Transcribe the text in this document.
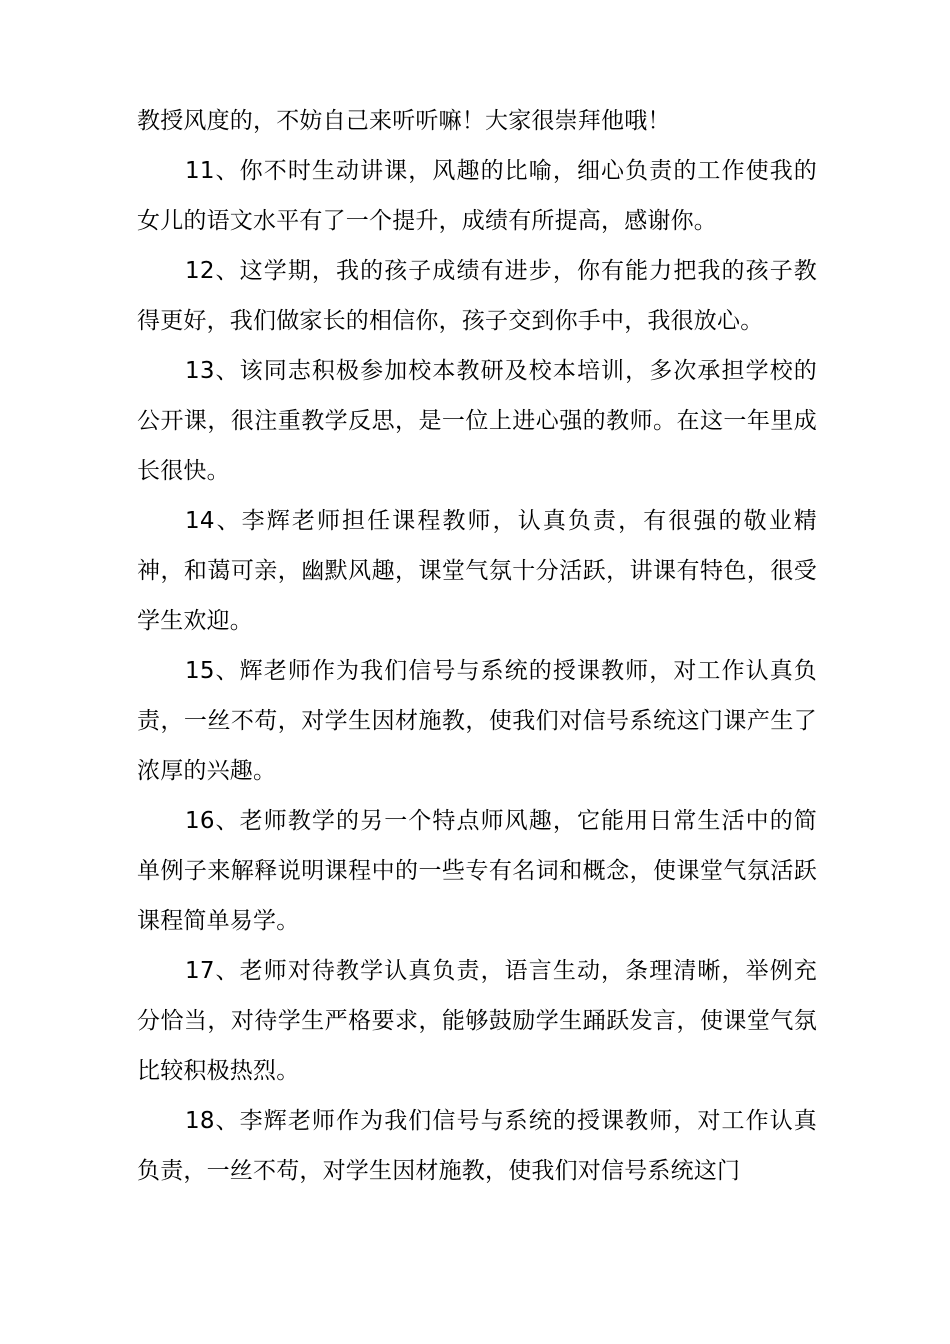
教授风度的，不妨自己来听听嘛！大家很崇拜他哦！

11、你不时生动讲课，风趣的比喻，细心负责的工作使我的女儿的语文水平有了一个提升，成绩有所提高，感谢你。

12、这学期，我的孩子成绩有进步，你有能力把我的孩子教得更好，我们做家长的相信你，孩子交到你手中，我很放心。

13、该同志积极参加校本教研及校本培训，多次承担学校的公开课，很注重教学反思，是一位上进心强的教师。在这一年里成长很快。

14、李辉老师担任课程教师，认真负责，有很强的敬业精神，和蔼可亲，幽默风趣，课堂气氛十分活跃，讲课有特色，很受学生欢迎。

15、辉老师作为我们信号与系统的授课教师，对工作认真负责，一丝不苟，对学生因材施教，使我们对信号系统这门课产生了浓厚的兴趣。

16、老师教学的另一个特点师风趣，它能用日常生活中的简单例子来解释说明课程中的一些专有名词和概念，使课堂气氛活跃课程简单易学。

17、老师对待教学认真负责，语言生动，条理清晰，举例充分恰当，对待学生严格要求，能够鼓励学生踊跃发言，使课堂气氛比较积极热烈。

18、李辉老师作为我们信号与系统的授课教师，对工作认真负责，一丝不苟，对学生因材施教，使我们对信号系统这门
